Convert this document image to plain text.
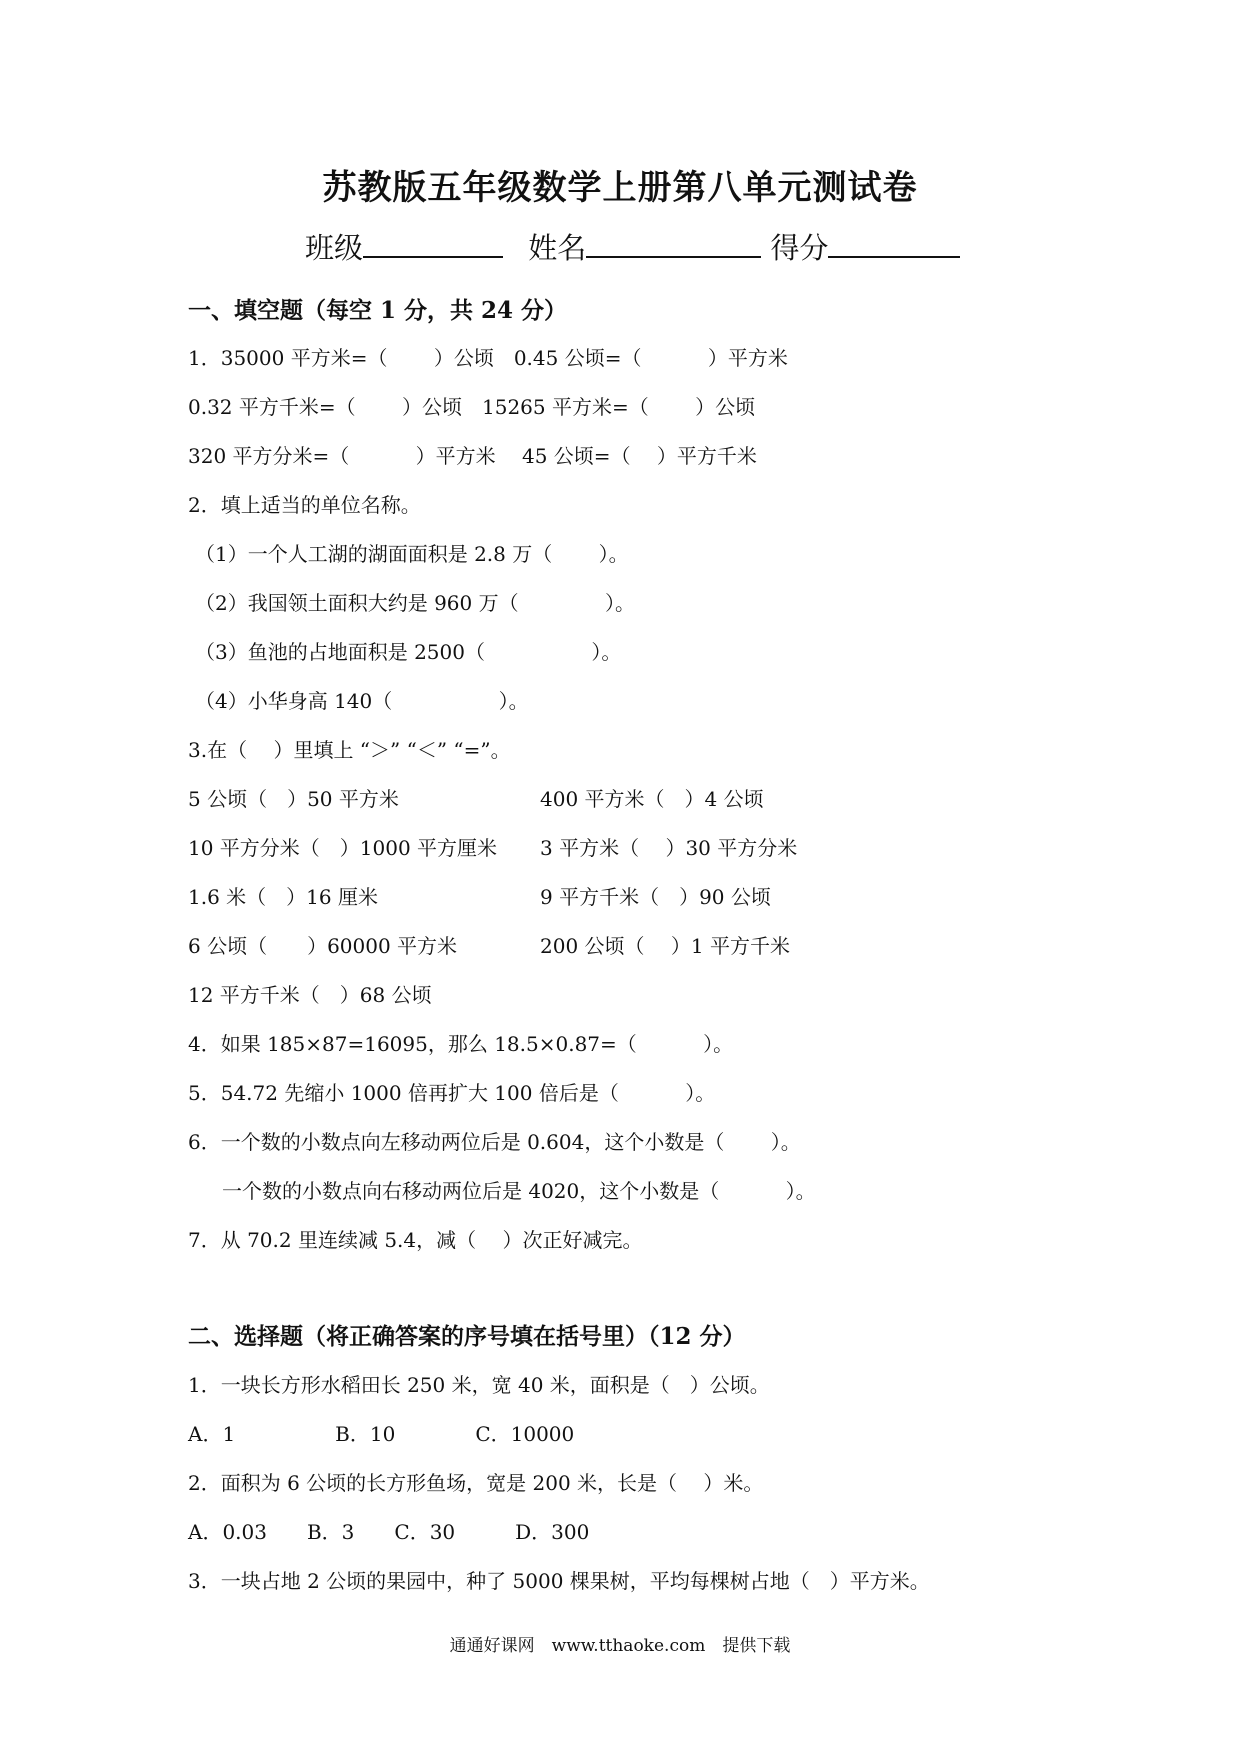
苏教版五年级数学上册第八单元测试卷
班级	姓名	得分
一、填空题（每空 1 分，共 24 分）
1．35000 平方米=（　　 ）公顷　0.45 公顷=（　　　 ）平方米
0.32 平方千米=（　　 ）公顷　15265 平方米=（　　 ）公顷
320 平方分米=（　　　 ）平方米　 45 公顷=（　 ）平方千米
2．填上适当的单位名称。
（1）一个人工湖的湖面面积是 2.8 万（　　 ）。
（2）我国领土面积大约是 960 万（　　　　 ）。
（3）鱼池的占地面积是 2500（　　　　　 ）。
（4）小华身高 140（　　　　　 ）。
3.在（　 ）里填上 “＞” “＜” “=”。
5 公顷（　）50 平方米	400 平方米（　）4 公顷
10 平方分米（　）1000 平方厘米 3 平方米（　 ）30 平方分米
1.6 米（　）16 厘米	9 平方千米（　）90 公顷
6 公顷（　　）60000 平方米	200 公顷（　 ）1 平方千米
12 平方千米（　）68 公顷
4．如果 185×87=16095，那么 18.5×0.87=（　　　 ）。
5．54.72 先缩小 1000 倍再扩大 100 倍后是（　　　 ）。
6．一个数的小数点向左移动两位后是 0.604，这个小数是（　　 ）。
一个数的小数点向右移动两位后是 4020，这个小数是（　　　 ）。
7．从 70.2 里连续减 5.4，减（　 ）次正好减完。
二、选择题（将正确答案的序号填在括号里）（12 分）
1．一块长方形水稻田长 250 米，宽 40 米，面积是（　）公顷。
A．1　　　　　B．10　　　　C．10000
2．面积为 6 公顷的长方形鱼场，宽是 200 米，长是（　 ）米。
A．0.03　　B．3　　C．30　　　D．300
3．一块占地 2 公顷的果园中，种了 5000 棵果树，平均每棵树占地（　）平方米。
通通好课网　www.tthaoke.com　提供下载
